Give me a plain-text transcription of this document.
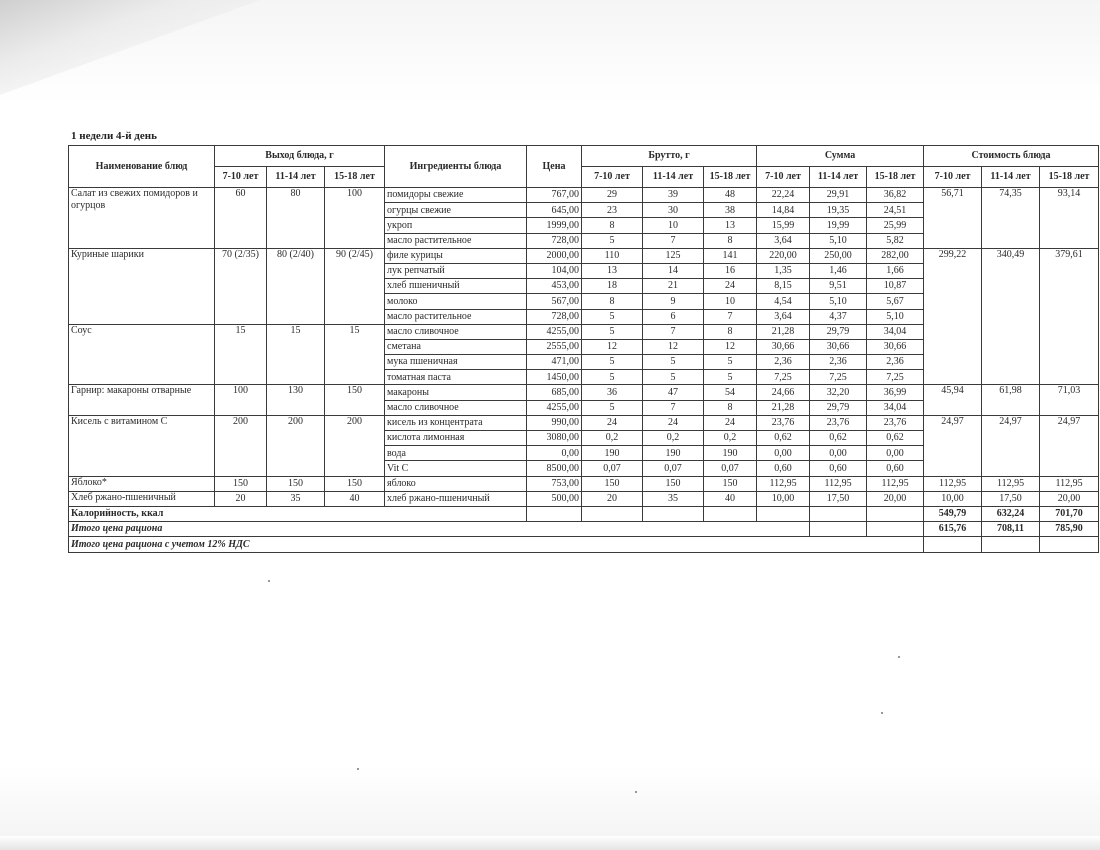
1 недели 4-й день
Наименование блюд	Выход блюда, г			Ингредиенты блюда	Цена	Брутто, г			Сумма			Стоимость блюда		
	7-10 лет	11-14 лет	15-18 лет			7-10 лет	11-14 лет	15-18 лет	7-10 лет	11-14 лет	15-18 лет	7-10 лет	11-14 лет	15-18 лет
Салат из свежих помидоров и огурцов	60	80	100	помидоры свежие	767,00	29	39	48	22,24	29,91	36,82	56,71	74,35	93,14
				огурцы свежие	645,00	23	30	38	14,84	19,35	24,51			
				укроп	1999,00	8	10	13	15,99	19,99	25,99			
				масло растительное	728,00	5	7	8	3,64	5,10	5,82			
Куриные шарики	70 (2/35)	80 (2/40)	90 (2/45)	филе курицы	2000,00	110	125	141	220,00	250,00	282,00	299,22	340,49	379,61
				лук репчатый	104,00	13	14	16	1,35	1,46	1,66			
				хлеб пшеничный	453,00	18	21	24	8,15	9,51	10,87			
				молоко	567,00	8	9	10	4,54	5,10	5,67			
				масло растительное	728,00	5	6	7	3,64	4,37	5,10			
Соус	15	15	15	масло сливочное	4255,00	5	7	8	21,28	29,79	34,04			
				сметана	2555,00	12	12	12	30,66	30,66	30,66			
				мука пшеничная	471,00	5	5	5	2,36	2,36	2,36			
				томатная паста	1450,00	5	5	5	7,25	7,25	7,25			
Гарнир: макароны отварные	100	130	150	макароны	685,00	36	47	54	24,66	32,20	36,99	45,94	61,98	71,03
				масло сливочное	4255,00	5	7	8	21,28	29,79	34,04			
Кисель с витамином С	200	200	200	кисель из концентрата	990,00	24	24	24	23,76	23,76	23,76	24,97	24,97	24,97
				кислота лимонная	3080,00	0,2	0,2	0,2	0,62	0,62	0,62			
				вода	0,00	190	190	190	0,00	0,00	0,00			
				Vit C	8500,00	0,07	0,07	0,07	0,60	0,60	0,60			
Яблоко*	150	150	150	яблоко	753,00	150	150	150	112,95	112,95	112,95	112,95	112,95	112,95
Хлеб ржано-пшеничный	20	35	40	хлеб ржано-пшеничный	500,00	20	35	40	10,00	17,50	20,00	10,00	17,50	20,00
Калорийность, ккал												549,79	632,24	701,70
Итого цена рациона												615,76	708,11	785,90
Итого цена рациона с учетом 12% НДС														
